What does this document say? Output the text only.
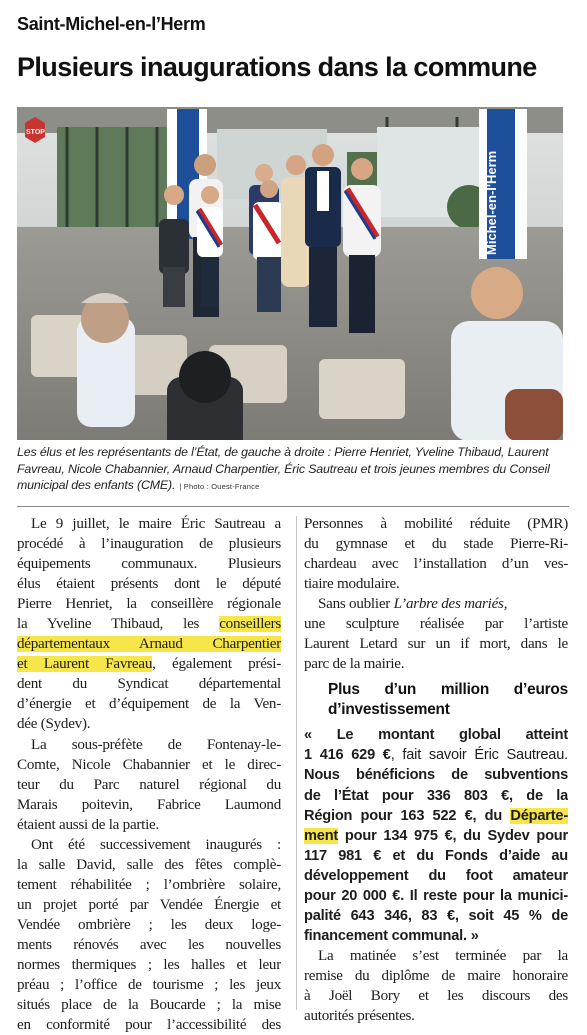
Saint-Michel-en-l’Herm
Plusieurs inaugurations dans la commune
Michel-en-l'Herm
STOP
Les élus et les représentants de l’État, de gauche à droite : Pierre Henriet, Yveline Thibaud, Laurent Favreau, Nicole Chabannier, Arnaud Charpentier, Éric Sautreau et trois jeunes membres du Conseil municipal des enfants (CME). | Photo : Ouest-France

Le 9 juillet, le maire Éric Sautreau a
procédé à l’inauguration de plusieurs
équipements communaux. Plusieurs
élus étaient présents dont le député
Pierre Henriet, la conseillère régionale
la Yveline Thibaud, les conseillers
départementaux Arnaud Charpentier
et Laurent Favreau, également prési-
dent du Syndicat départemental
d’énergie et d’équipement de la Ven-
dée (Sydev).

La sous-préfète de Fontenay-le-
Comte, Nicole Chabannier et le direc-
teur du Parc naturel régional du
Marais poitevin, Fabrice Laumond
étaient aussi de la partie.

Ont été successivement inaugurés :
la salle David, salle des fêtes complè-
tement réhabilitée ; l’ombrière solaire,
un projet porté par Vendée Énergie et
Vendée ombrière ; les deux loge-
ments rénovés avec les nouvelles
normes thermiques ; les halles et leur
préau ; l’office de tourisme ; les jeux
situés place de la Boucarde ; la mise
en conformité pour l’accessibilité des

Personnes à mobilité réduite (PMR)
du gymnase et du stade Pierre-Ri-
chardeau avec l’installation d’un ves-
tiaire modulaire.

Sans oublier L’arbre des mariés,
une sculpture réalisée par l’artiste
Laurent Letard sur un if mort, dans le
parc de la mairie.

Plus d’un million d’euros d’investissement

« Le montant global atteint
1 416 629 €, fait savoir Éric Sautreau.
Nous bénéficions de subventions
de l’État pour 336 803 €, de la
Région pour 163 522 €, du Départe-
ment pour 134 975 €, du Sydev pour
117 981 € et du Fonds d’aide au
développement du foot amateur
pour 20 000 €. Il reste pour la munici-
palité 643 346, 83 €, soit 45 % de
financement communal. »

La matinée s’est terminée par la
remise du diplôme de maire honoraire
à Joël Bory et les discours des
autorités présentes.
